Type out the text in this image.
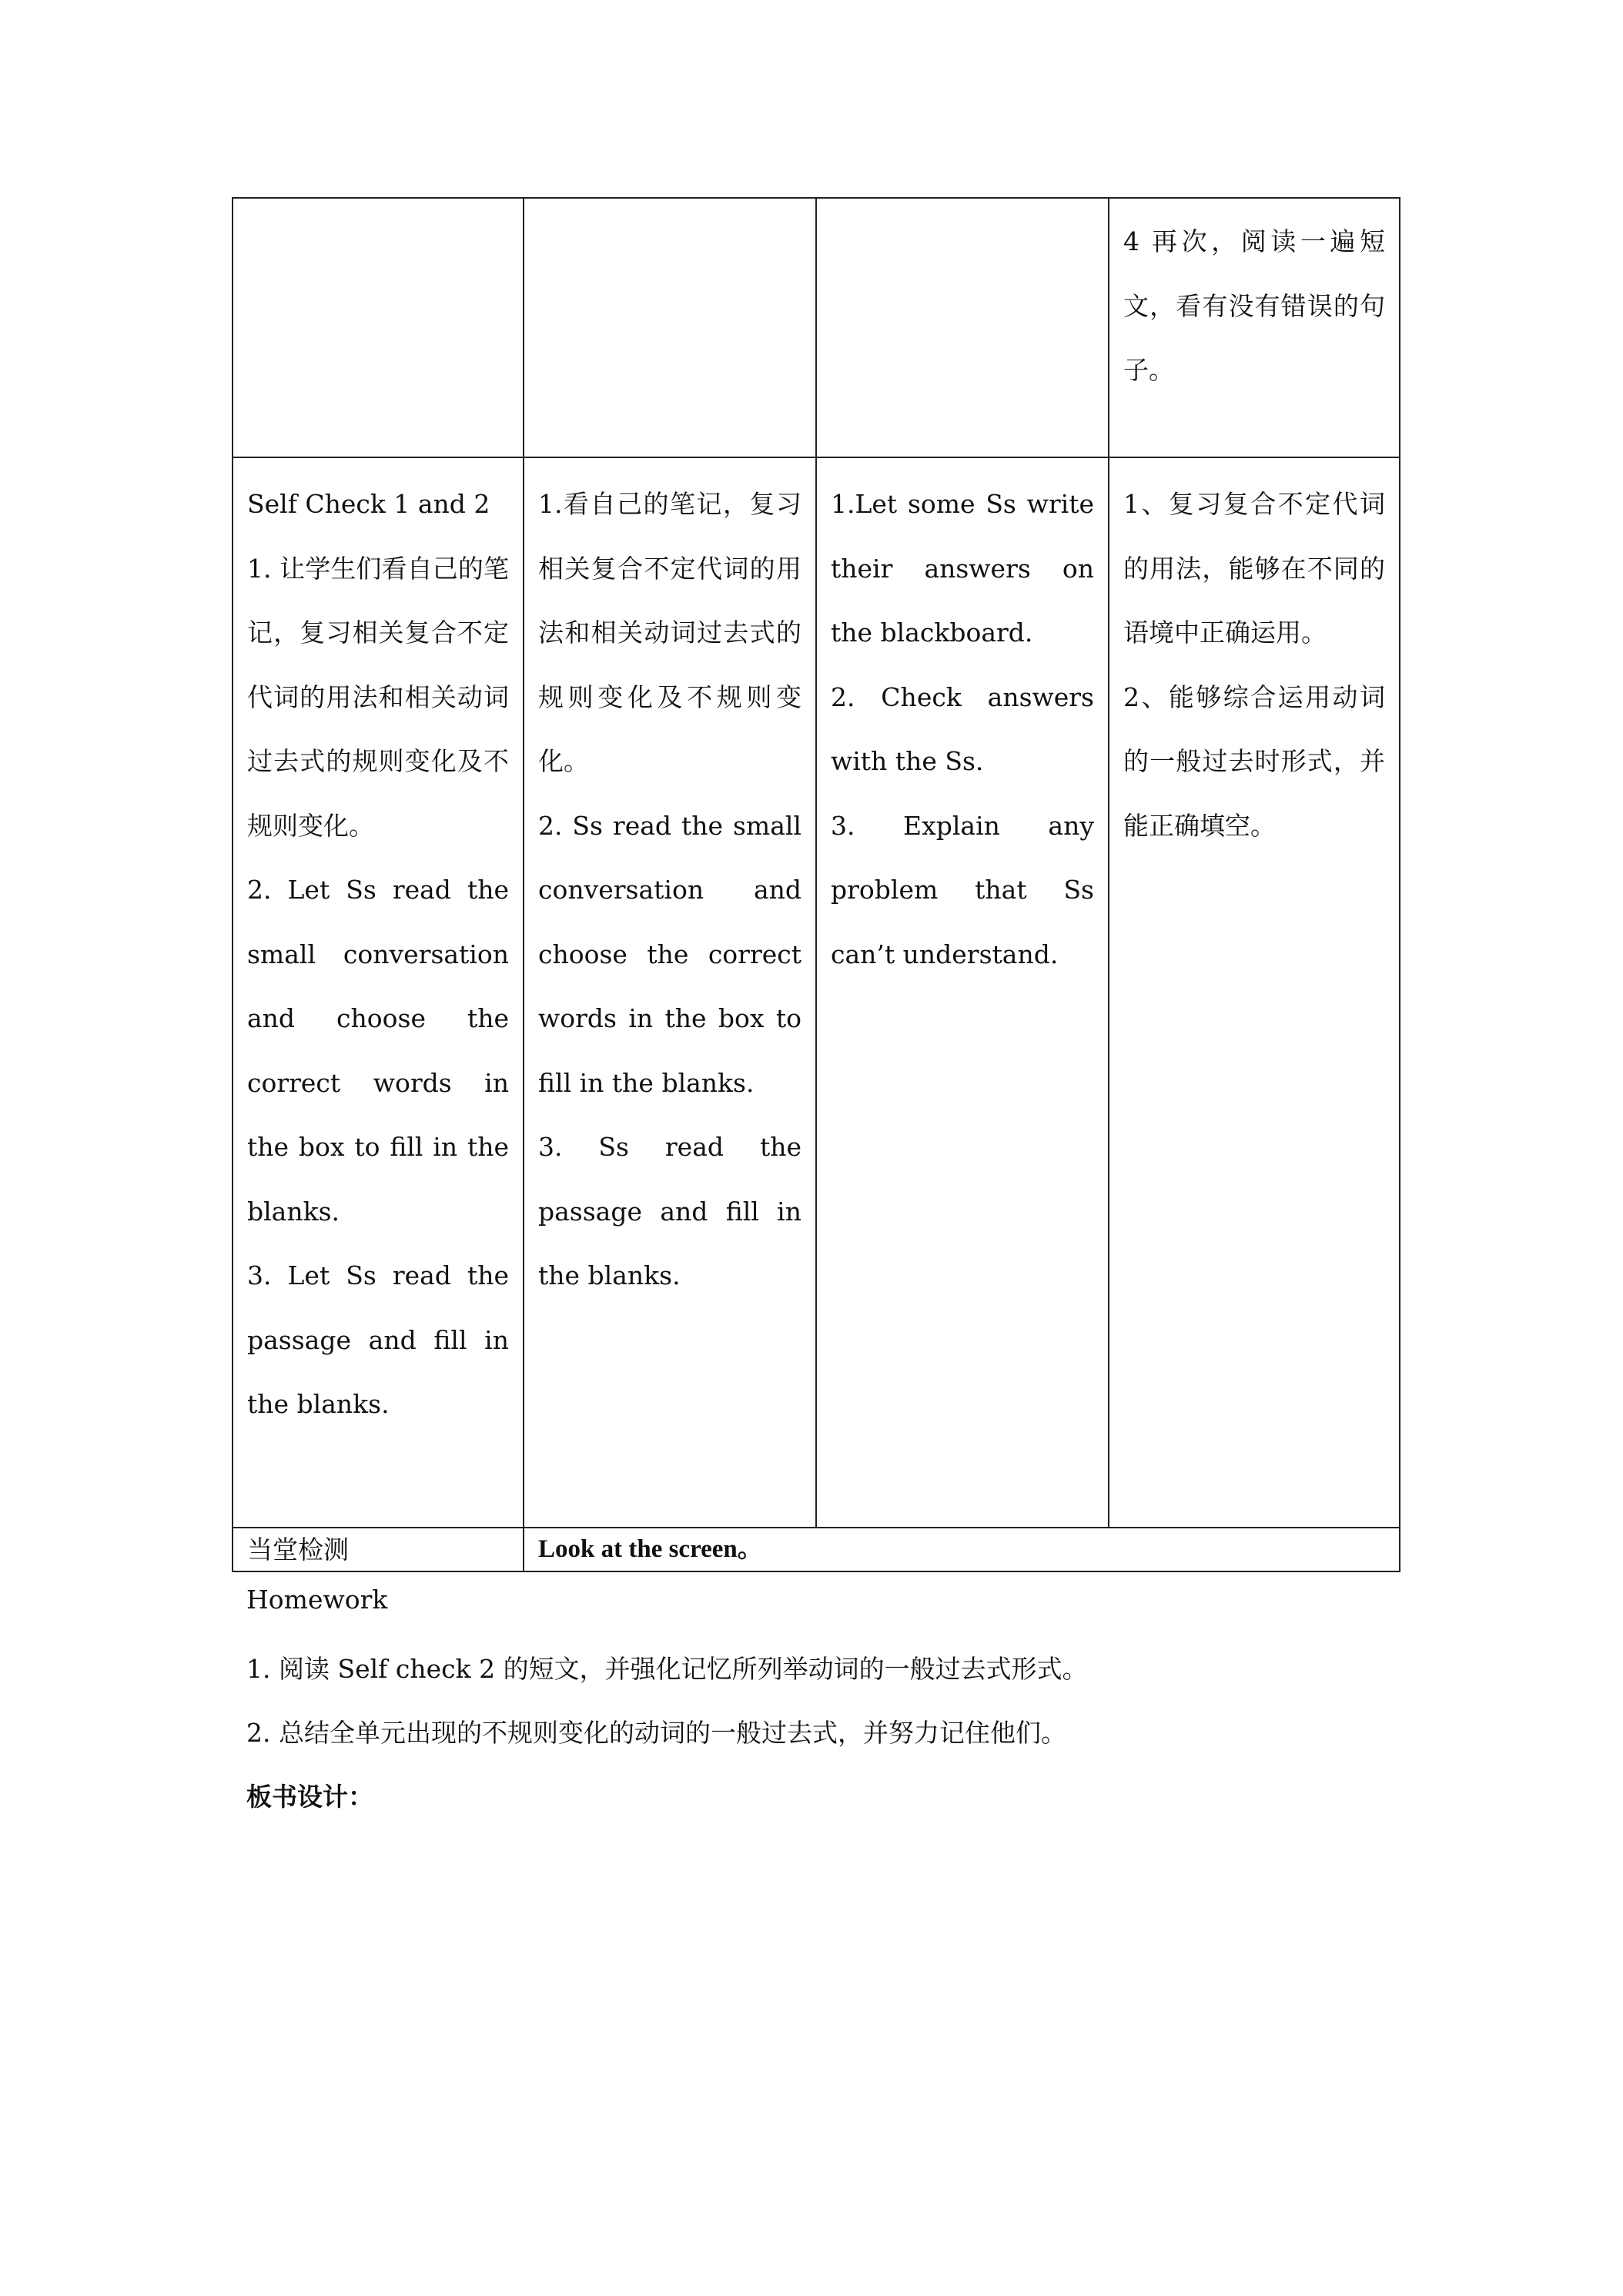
4 再次，阅读一遍短文，看有没有错误的句子。
Self Check 1 and 2
1. 让学生们看自己的笔记，复习相关复合不定代词的用法和相关动词过去式的规则变化及不规则变化。
2. Let Ss read the small conversation and choose the correct words in the box to fill in the blanks.
3. Let Ss read the passage and fill in the blanks.
1.看自己的笔记，复习相关复合不定代词的用法和相关动词过去式的规则变化及不规则变化。
2. Ss read the small conversation and choose the correct words in the box to fill in the blanks.
3. Ss read the passage and fill in the blanks.
1.Let some Ss write their answers on the blackboard.
2. Check answers with the Ss.
3. Explain any problem that Ss can’t understand.
1、复习复合不定代词的用法，能够在不同的语境中正确运用。
2、能够综合运用动词的一般过去时形式，并能正确填空。
当堂检测	Look at the screen。
Homework
1. 阅读 Self check 2 的短文，并强化记忆所列举动词的一般过去式形式。
2. 总结全单元出现的不规则变化的动词的一般过去式，并努力记住他们。
板书设计：
